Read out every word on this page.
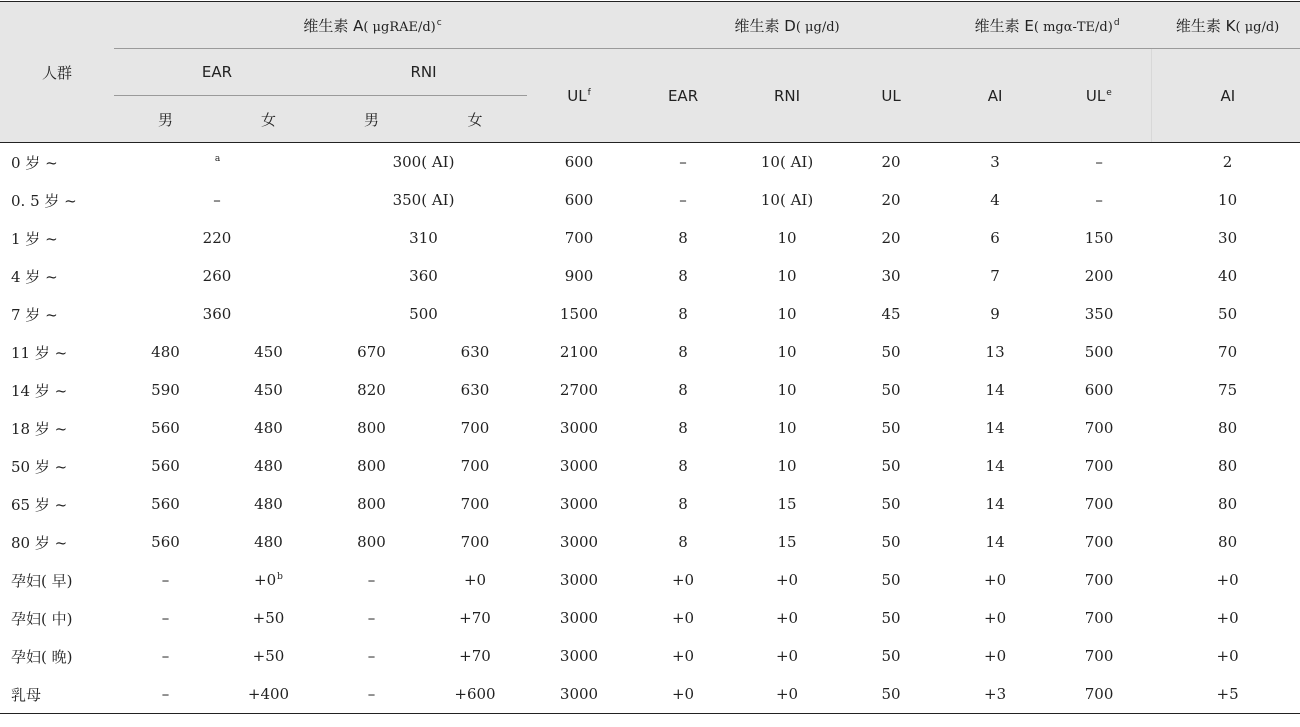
人群	维生素 A( μgRAE/d)$^c$					维生素 D( μg/d)			维生素 E( mgα-TE/d)$^d$		维生素 K( μg/d)
	EAR		RNI		$UL^f$	EAR	RNI	UL	AI	$UL^e$	AI
	男	女	男	女							
0 岁 ~	$^a$		300( AI)		600	–	10( AI)	20	3	–	2
0. 5 岁 ~	–		350( AI)		600	–	10( AI)	20	4	–	10
1 岁 ~	220		310		700	8	10	20	6	150	30
4 岁 ~	260		360		900	8	10	30	7	200	40
7 岁 ~	360		500		1500	8	10	45	9	350	50
11 岁 ~	480	450	670	630	2100	8	10	50	13	500	70
14 岁 ~	590	450	820	630	2700	8	10	50	14	600	75
18 岁 ~	560	480	800	700	3000	8	10	50	14	700	80
50 岁 ~	560	480	800	700	3000	8	10	50	14	700	80
65 岁 ~	560	480	800	700	3000	8	15	50	14	700	80
80 岁 ~	560	480	800	700	3000	8	15	50	14	700	80
孕妇( 早)	–	$+0^b$	–	+0	3000	+0	+0	50	+0	700	+0
孕妇( 中)	–	+50	–	+70	3000	+0	+0	50	+0	700	+0
孕妇( 晚)	–	+50	–	+70	3000	+0	+0	50	+0	700	+0
乳母	–	+400	–	+600	3000	+0	+0	50	+3	700	+5
